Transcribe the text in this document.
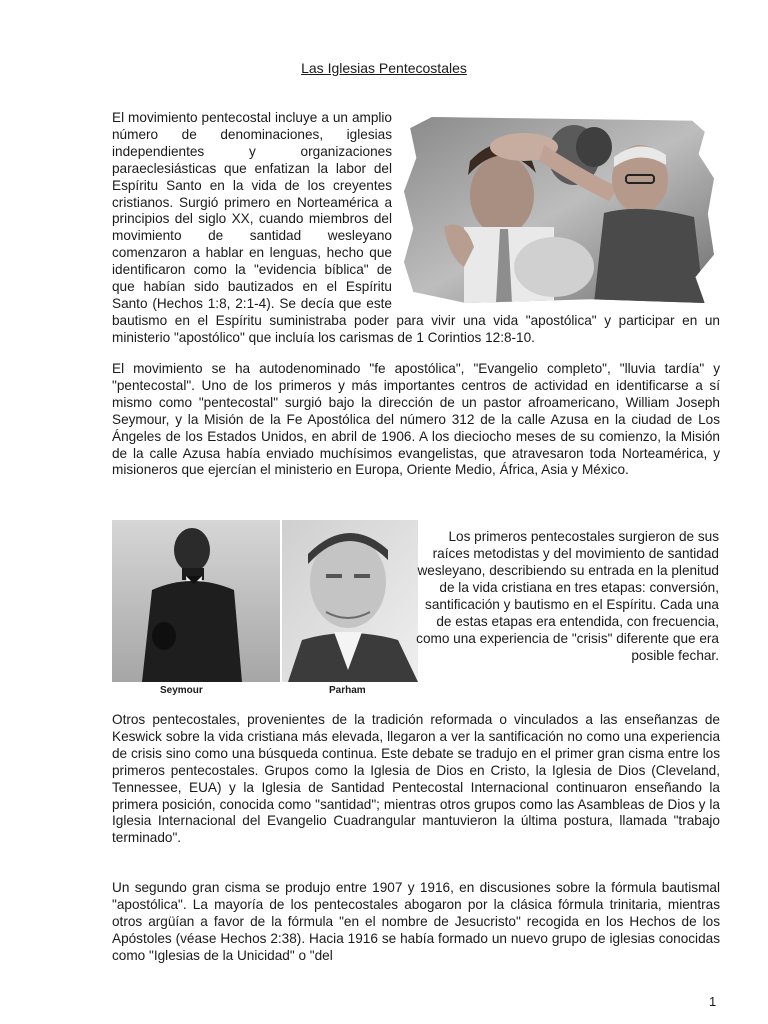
Las Iglesias Pentecostales

El movimiento pentecostal incluye a un amplio número de denominaciones, iglesias independientes y organizaciones paraeclesiásticas que enfatizan la labor del Espíritu Santo en la vida de los creyentes cristianos. Surgió primero en Norteamérica a principios del siglo XX, cuando miembros del movimiento de santidad wesleyano comenzaron a hablar en lenguas, hecho que identificaron como la "evidencia bíblica" de que habían sido bautizados en el Espíritu Santo (Hechos 1:8, 2:1-4). Se decía que este bautismo en el Espíritu suministraba poder para vivir una vida "apostólica" y participar en un ministerio "apostólico" que incluía los carismas de 1 Corintios 12:8-10.

El movimiento se ha autodenominado "fe apostólica", "Evangelio completo", "lluvia tardía" y "pentecostal". Uno de los primeros y más importantes centros de actividad en identificarse a sí mismo como "pentecostal" surgió bajo la dirección de un pastor afroamericano, William Joseph Seymour, y la Misión de la Fe Apostólica del número 312 de la calle Azusa en la ciudad de Los Ángeles de los Estados Unidos, en abril de 1906. A los dieciocho meses de su comienzo, la Misión de la calle Azusa había enviado muchísimos evangelistas, que atravesaron toda Norteamérica, y misioneros que ejercían el ministerio en Europa, Oriente Medio, África, Asia y México.

Seymour	Parham

Los primeros pentecostales surgieron de sus raíces metodistas y del movimiento de santidad wesleyano, describiendo su entrada en la plenitud de la vida cristiana en tres etapas: conversión, santificación y bautismo en el Espíritu. Cada una de estas etapas era entendida, con frecuencia, como una experiencia de "crisis" diferente que era posible fechar.

Otros pentecostales, provenientes de la tradición reformada o vinculados a las enseñanzas de Keswick sobre la vida cristiana más elevada, llegaron a ver la santificación no como una experiencia de crisis sino como una búsqueda continua. Este debate se tradujo en el primer gran cisma entre los primeros pentecostales. Grupos como la Iglesia de Dios en Cristo, la Iglesia de Dios (Cleveland, Tennessee, EUA) y la Iglesia de Santidad Pentecostal Internacional continuaron enseñando la primera posición, conocida como "santidad"; mientras otros grupos como las Asambleas de Dios y la Iglesia Internacional del Evangelio Cuadrangular mantuvieron la última postura, llamada "trabajo terminado".

Un segundo gran cisma se produjo entre 1907 y 1916, en discusiones sobre la fórmula bautismal "apostólica". La mayoría de los pentecostales abogaron por la clásica fórmula trinitaria, mientras otros argüían a favor de la fórmula "en el nombre de Jesucristo" recogida en los Hechos de los Apóstoles (véase Hechos 2:38). Hacia 1916 se había formado un nuevo grupo de iglesias conocidas como "Iglesias de la Unicidad" o "del

1
